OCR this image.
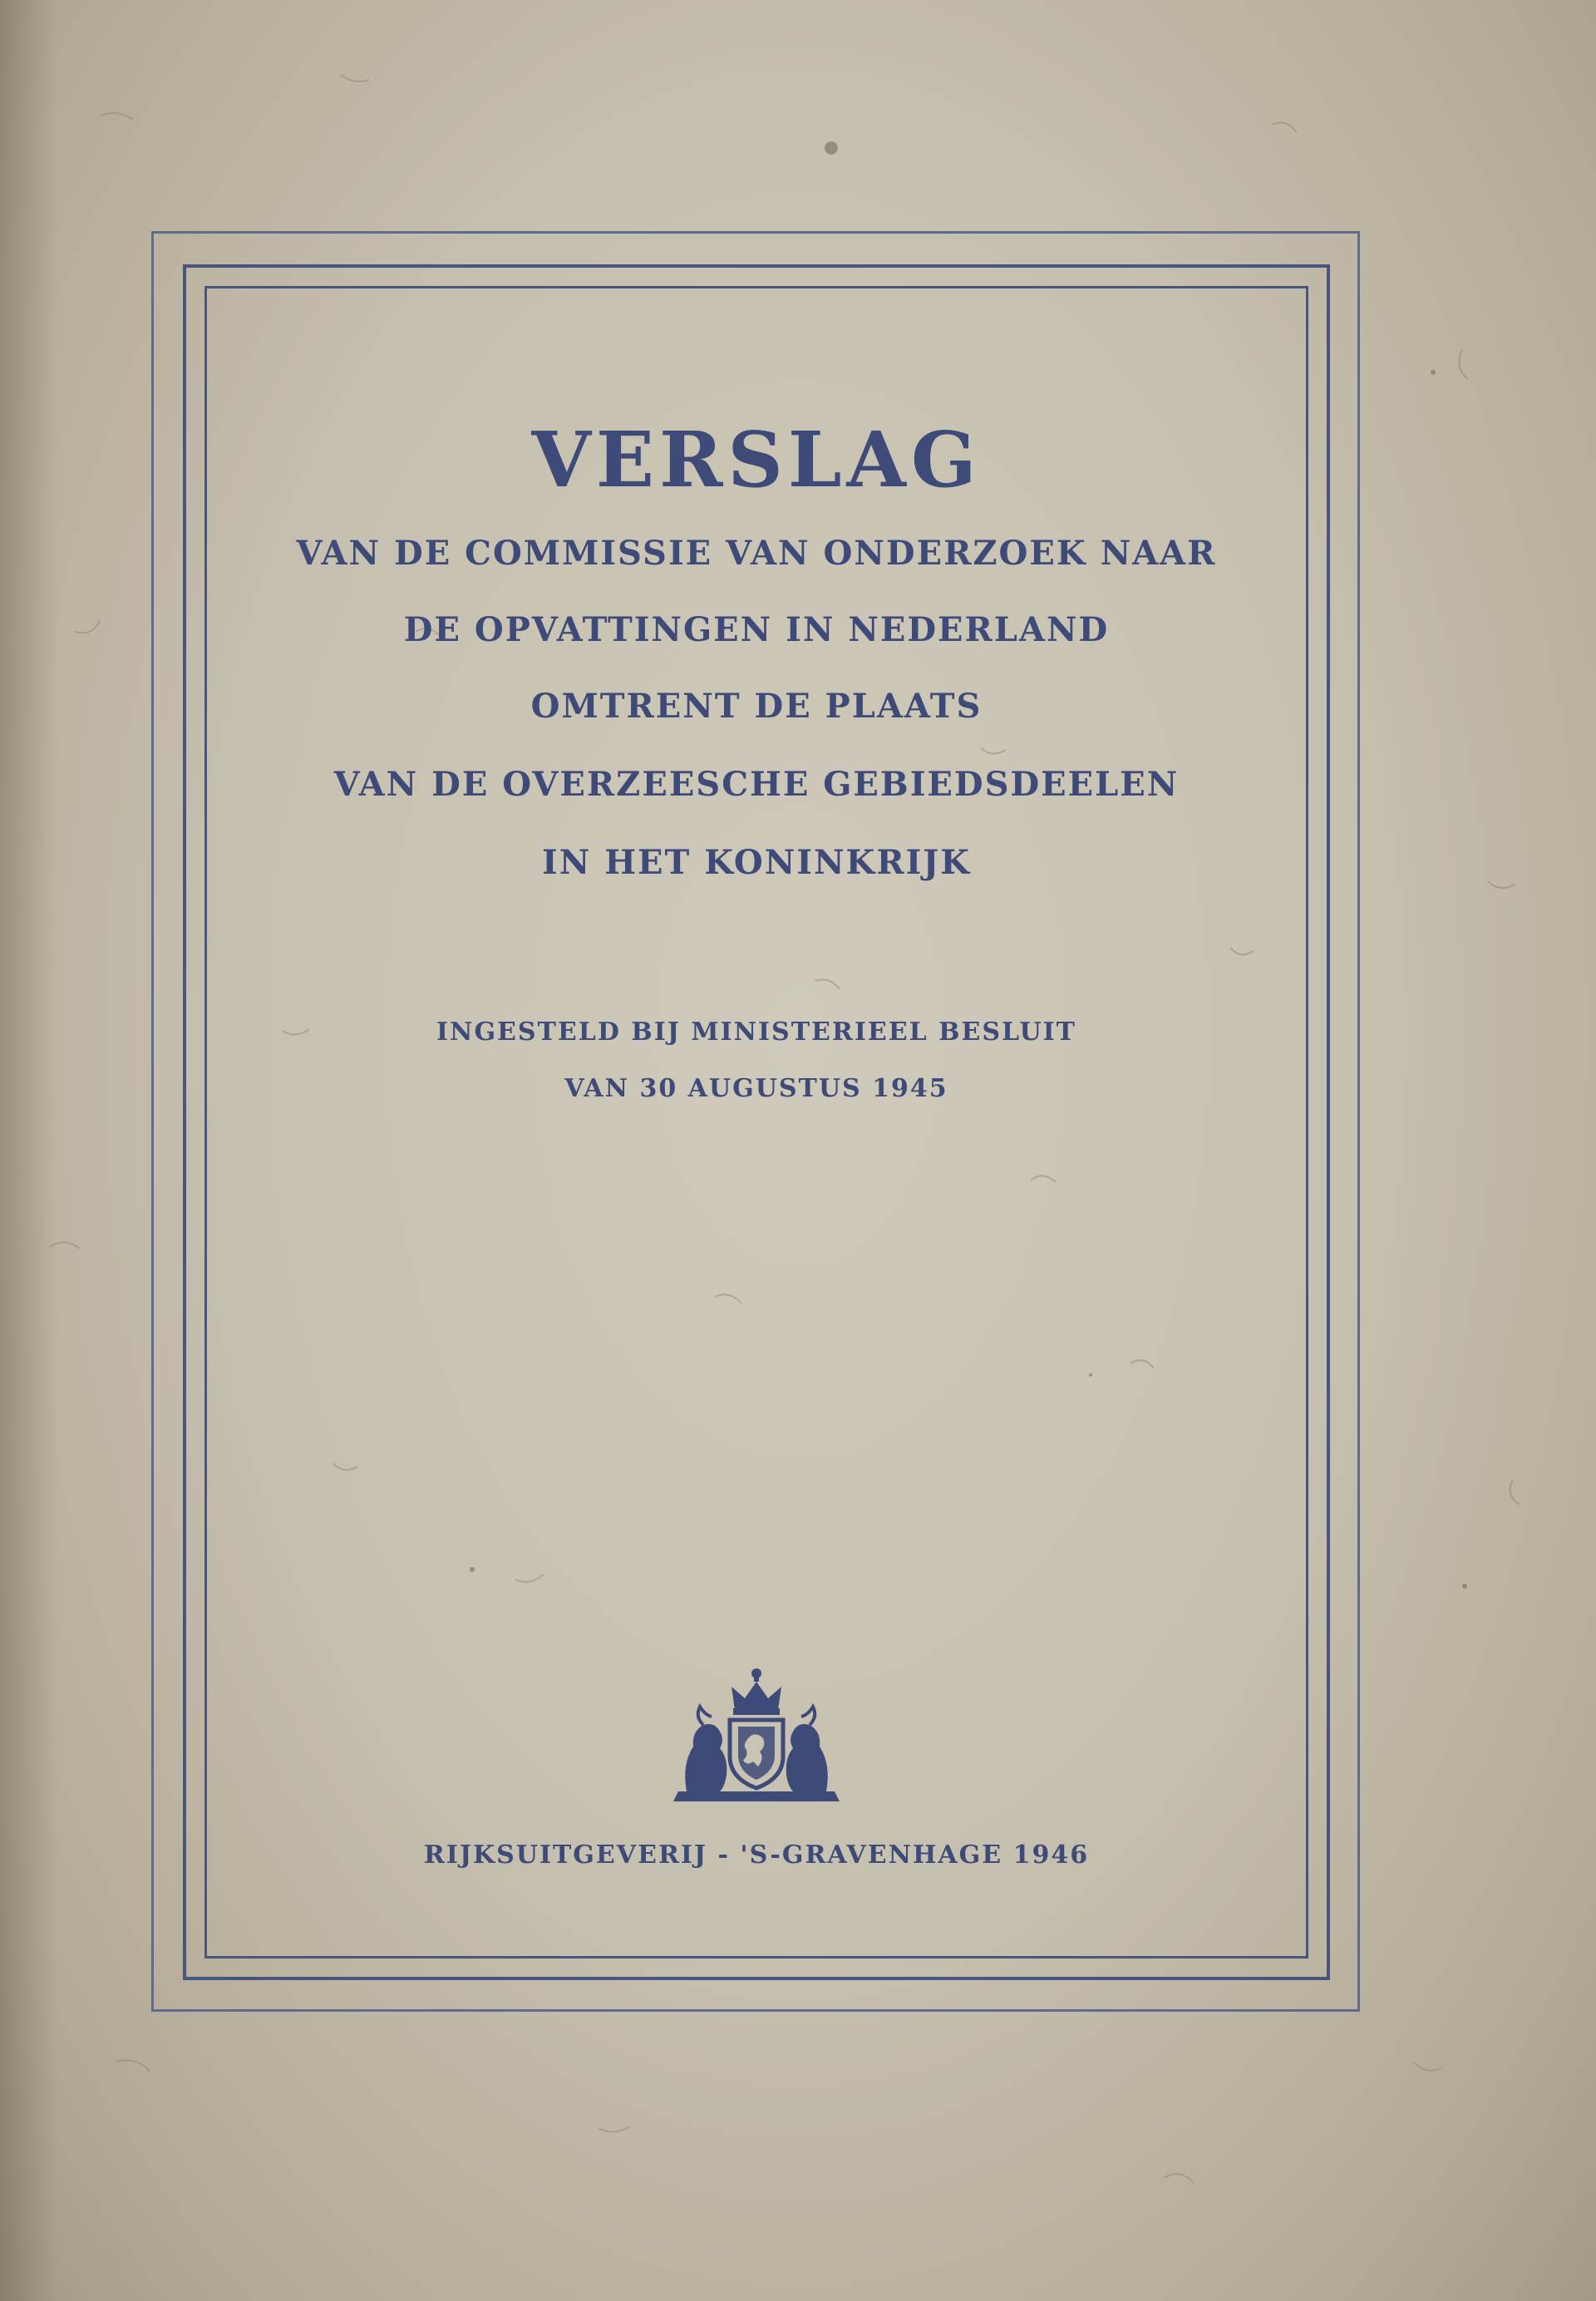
VERSLAG
VAN DE COMMISSIE VAN ONDERZOEK NAAR
DE OPVATTINGEN IN NEDERLAND
OMTRENT DE PLAATS
VAN DE OVERZEESCHE GEBIEDSDEELEN
IN HET KONINKRIJK
INGESTELD BIJ MINISTERIEEL BESLUIT
VAN 30 AUGUSTUS 1945
RIJKSUITGEVERIJ - 'S-GRAVENHAGE 1946
